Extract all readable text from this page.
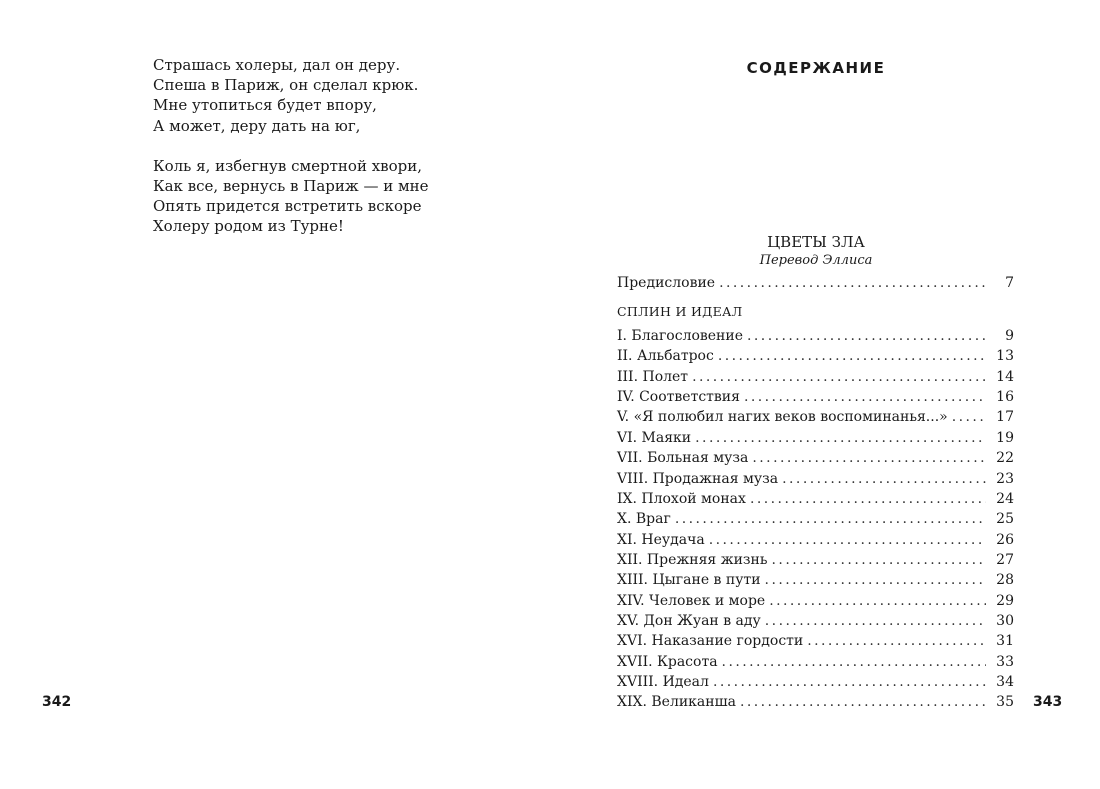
Страшась холеры, дал он деру.
Спеша в Париж, он сделал крюк.
Мне утопиться будет впору,
А может, деру дать на юг,
Коль я, избегнув смертной хвори,
Как все, вернусь в Париж — и мне
Опять придется встретить вскоре
Холеру родом из Турне!
342
СОДЕРЖАНИЕ
ЦВЕТЫ ЗЛА
Перевод Эллиса
Предисловие . . .	7
СПЛИН И ИДЕАЛ
I. Благословение . . .	9
II. Альбатрос . . .	13
III. Полет . . .	14
IV. Соответствия . . .	16
V. «Я полюбил нагих веков воспоминанья...» . . .	17
VI. Маяки . . .	19
VII. Больная муза . . .	22
VIII. Продажная муза . . .	23
IX. Плохой монах . . .	24
X. Враг . . .	25
XI. Неудача . . .	26
XII. Прежняя жизнь . . .	27
XIII. Цыгане в пути . . .	28
XIV. Человек и море . . .	29
XV. Дон Жуан в аду . . .	30
XVI. Наказание гордости . . .	31
XVII. Красота . . .	33
XVIII. Идеал . . .	34
XIX. Великанша . . .	35 343
